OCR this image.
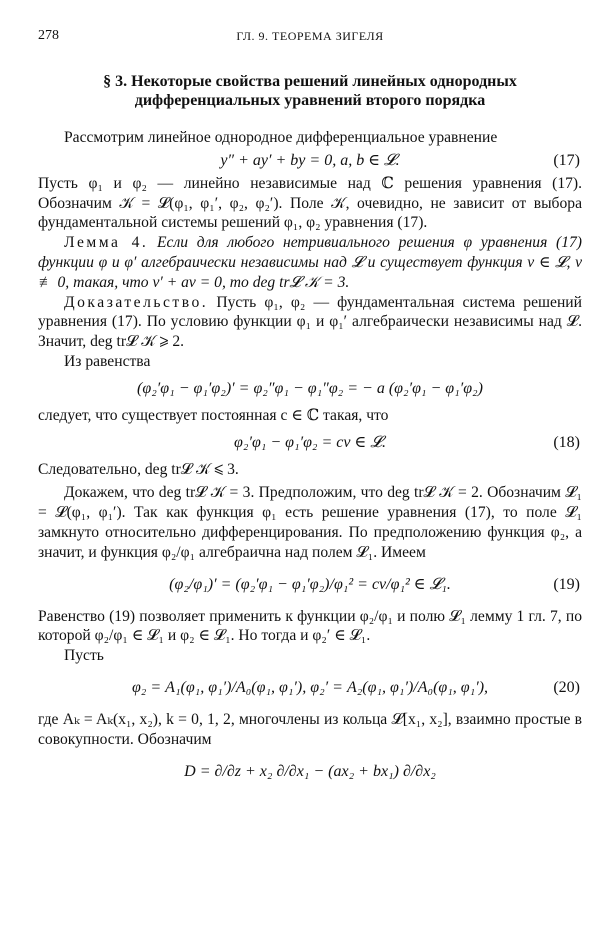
278	ГЛ. 9. ТЕОРЕМА ЗИГЕЛЯ
§ 3. Некоторые свойства решений линейных однородных
дифференциальных уравнений второго порядка

Рассмотрим линейное однородное дифференциальное уравнение

y″ + ay′ + by = 0, a, b ∈ 𝓛.	(17)

Пусть φ₁ и φ₂ — линейно независимые над ℂ решения уравнения (17). Обозначим 𝒦 = 𝓛(φ₁, φ₁′, φ₂, φ₂′). Поле 𝒦, очевидно, не зависит от выбора фундаментальной системы решений φ₁, φ₂ уравнения (17).

Лемма 4. Если для любого нетривиального решения φ уравнения (17) функции φ и φ′ алгебраически независимы над 𝓛 и существует функция v ∈ 𝓛, v ≢ 0, такая, что v′ + av = 0, то deg tr𝓛 𝒦 = 3.

Доказательство. Пусть φ₁, φ₂ — фундаментальная система решений уравнения (17). По условию функции φ₁ и φ₁′ алгебраически независимы над 𝓛. Значит, deg tr𝓛 𝒦 ⩾ 2.

Из равенства

(φ₂′φ₁ − φ₁′φ₂)′ = φ₂″φ₁ − φ₁″φ₂ = − a (φ₂′φ₁ − φ₁′φ₂)

следует, что существует постоянная c ∈ ℂ такая, что

φ₂′φ₁ − φ₁′φ₂ = cv ∈ 𝓛.	(18)

Следовательно, deg tr𝓛 𝒦 ⩽ 3.

Докажем, что deg tr𝓛 𝒦 = 3. Предположим, что deg tr𝓛 𝒦 = 2. Обозначим 𝓛₁ = 𝓛(φ₁, φ₁′). Так как функция φ₁ есть решение уравнения (17), то поле 𝓛₁ замкнуто относительно дифференцирования. По предположению функция φ₂, а значит, и функция φ₂/φ₁ алгебраична над полем 𝓛₁. Имеем

(φ₂/φ₁)′ = (φ₂′φ₁ − φ₁′φ₂)/φ₁² = cv/φ₁² ∈ 𝓛₁.	(19)

Равенство (19) позволяет применить к функции φ₂/φ₁ и полю 𝓛₁ лемму 1 гл. 7, по которой φ₂/φ₁ ∈ 𝓛₁ и φ₂ ∈ 𝓛₁. Но тогда и φ₂′ ∈ 𝓛₁.

Пусть

φ₂ = A₁(φ₁, φ₁′)/A₀(φ₁, φ₁′), φ₂′ = A₂(φ₁, φ₁′)/A₀(φ₁, φ₁′),	(20)

где Aₖ = Aₖ(x₁, x₂), k = 0, 1, 2, многочлены из кольца 𝓛[x₁, x₂], взаимно простые в совокупности. Обозначим

D = ∂/∂z + x₂ ∂/∂x₁ − (ax₂ + bx₁) ∂/∂x₂
